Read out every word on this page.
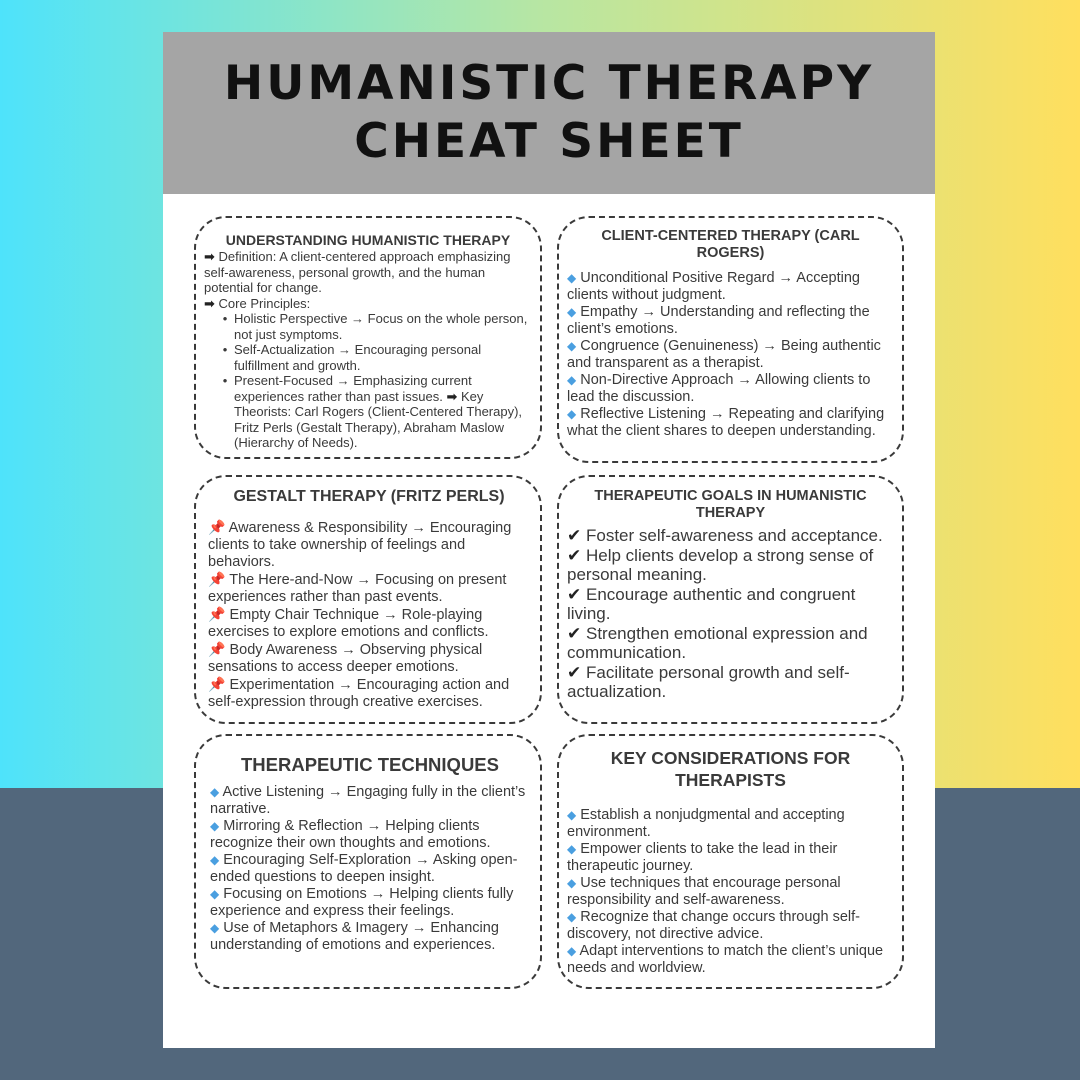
HUMANISTIC THERAPY
CHEAT SHEET
UNDERSTANDING HUMANISTIC THERAPY
➡ Definition: A client-centered approach emphasizing self-awareness, personal growth, and the human potential for change.
➡ Core Principles:
• Holistic Perspective → Focus on the whole person, not just symptoms.
• Self-Actualization → Encouraging personal fulfillment and growth.
• Present-Focused → Emphasizing current experiences rather than past issues. ➡ Key Theorists: Carl Rogers (Client-Centered Therapy), Fritz Perls (Gestalt Therapy), Abraham Maslow (Hierarchy of Needs).
CLIENT-CENTERED THERAPY (CARL ROGERS)
◆ Unconditional Positive Regard → Accepting clients without judgment.
◆ Empathy → Understanding and reflecting the client’s emotions.
◆ Congruence (Genuineness) → Being authentic and transparent as a therapist.
◆ Non-Directive Approach → Allowing clients to lead the discussion.
◆ Reflective Listening → Repeating and clarifying what the client shares to deepen understanding.
GESTALT THERAPY (FRITZ PERLS)
📌 Awareness & Responsibility → Encouraging clients to take ownership of feelings and behaviors.
📌 The Here-and-Now → Focusing on present experiences rather than past events.
📌 Empty Chair Technique → Role-playing exercises to explore emotions and conflicts.
📌 Body Awareness → Observing physical sensations to access deeper emotions.
📌 Experimentation → Encouraging action and self-expression through creative exercises.
THERAPEUTIC GOALS IN HUMANISTIC THERAPY
✔ Foster self-awareness and acceptance.
✔ Help clients develop a strong sense of personal meaning.
✔ Encourage authentic and congruent living.
✔ Strengthen emotional expression and communication.
✔ Facilitate personal growth and self-actualization.
THERAPEUTIC TECHNIQUES
◆ Active Listening → Engaging fully in the client’s narrative.
◆ Mirroring & Reflection → Helping clients recognize their own thoughts and emotions.
◆ Encouraging Self-Exploration → Asking open-ended questions to deepen insight.
◆ Focusing on Emotions → Helping clients fully experience and express their feelings.
◆ Use of Metaphors & Imagery → Enhancing understanding of emotions and experiences.
KEY CONSIDERATIONS FOR THERAPISTS
◆ Establish a nonjudgmental and accepting environment.
◆ Empower clients to take the lead in their therapeutic journey.
◆ Use techniques that encourage personal responsibility and self-awareness.
◆ Recognize that change occurs through self-discovery, not directive advice.
◆ Adapt interventions to match the client’s unique needs and worldview.
